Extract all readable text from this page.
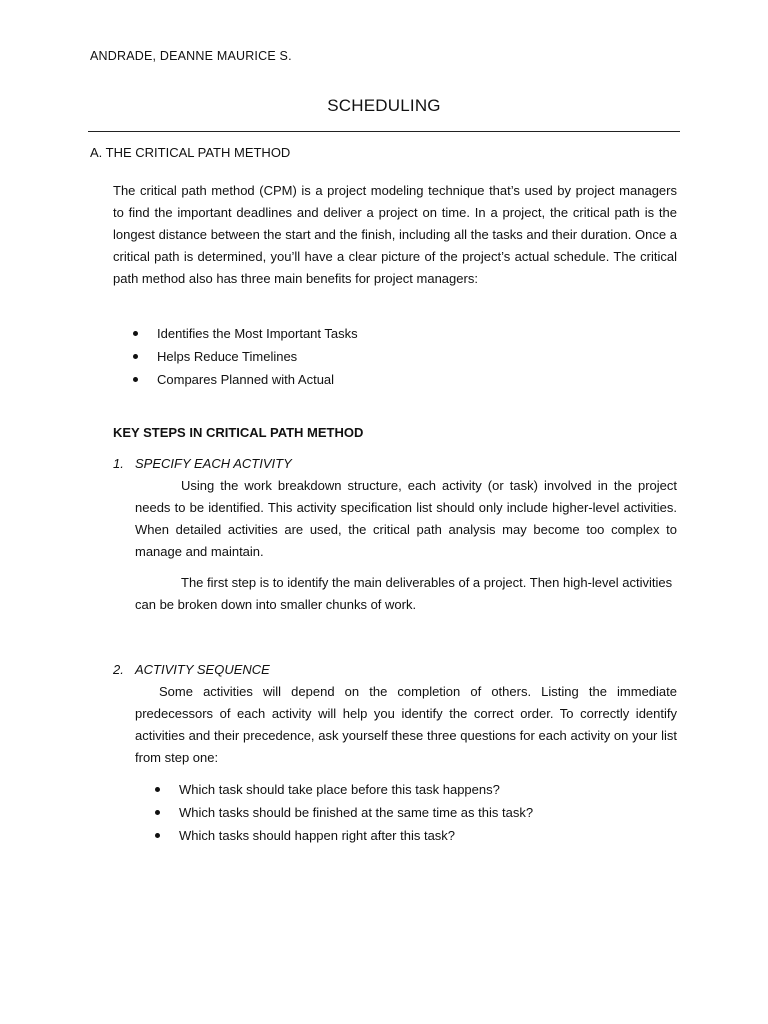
ANDRADE, DEANNE MAURICE S.
SCHEDULING
A. THE CRITICAL PATH METHOD

The critical path method (CPM) is a project modeling technique that’s used by project managers to find the important deadlines and deliver a project on time. In a project, the critical path is the longest distance between the start and the finish, including all the tasks and their duration. Once a critical path is determined, you’ll have a clear picture of the project’s actual schedule. The critical path method also has three main benefits for project managers:

Identifies the Most Important Tasks
Helps Reduce Timelines
Compares Planned with Actual
KEY STEPS IN CRITICAL PATH METHOD
1. SPECIFY EACH ACTIVITY

Using the work breakdown structure, each activity (or task) involved in the project needs to be identified. This activity specification list should only include higher-level activities. When detailed activities are used, the critical path analysis may become too complex to manage and maintain.

The first step is to identify the main deliverables of a project. Then high-level activities can be broken down into smaller chunks of work.

2. ACTIVITY SEQUENCE

Some activities will depend on the completion of others. Listing the immediate predecessors of each activity will help you identify the correct order. To correctly identify activities and their precedence, ask yourself these three questions for each activity on your list from step one:

Which task should take place before this task happens?
Which tasks should be finished at the same time as this task?
Which tasks should happen right after this task?
